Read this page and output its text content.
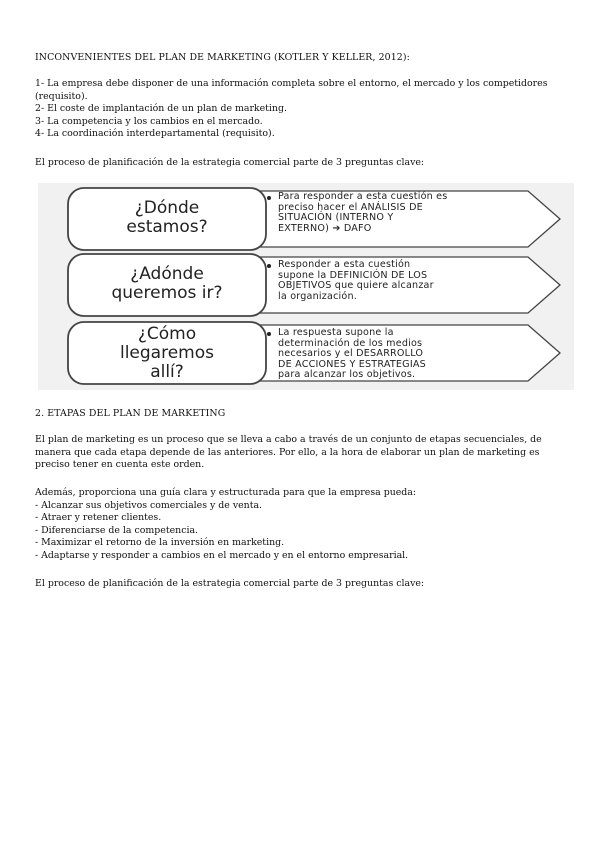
INCONVENIENTES DEL PLAN DE MARKETING (KOTLER Y KELLER, 2012):

1- La empresa debe disponer de una información completa sobre el entorno, el mercado y los competidores (requisito).

2- El coste de implantación de un plan de marketing.

3- La competencia y los cambios en el mercado.

4- La coordinación interdepartamental (requisito).

El proceso de planificación de la estrategia comercial parte de 3 preguntas clave:

¿Dónde
estamos?
Para responder a esta cuestión es
preciso hacer el ANÁLISIS DE
SITUACIÓN (INTERNO Y
EXTERNO) ➔ DAFO
¿Adónde
queremos ir?
Responder a esta cuestión
supone la DEFINICIÓN DE LOS
OBJETIVOS que quiere alcanzar
la organización.
¿Cómo
llegaremos
allí?
La respuesta supone la
determinación de los medios
necesarios y el DESARROLLO
DE ACCIONES Y ESTRATEGIAS
para alcanzar los objetivos.

2. ETAPAS DEL PLAN DE MARKETING

El plan de marketing es un proceso que se lleva a cabo a través de un conjunto de etapas secuenciales, de manera que cada etapa depende de las anteriores. Por ello, a la hora de elaborar un plan de marketing es preciso tener en cuenta este orden.

Además, proporciona una guía clara y estructurada para que la empresa pueda:

- Alcanzar sus objetivos comerciales y de venta.

- Atraer y retener clientes.

- Diferenciarse de la competencia.

- Maximizar el retorno de la inversión en marketing.

- Adaptarse y responder a cambios en el mercado y en el entorno empresarial.

El proceso de planificación de la estrategia comercial parte de 3 preguntas clave:
